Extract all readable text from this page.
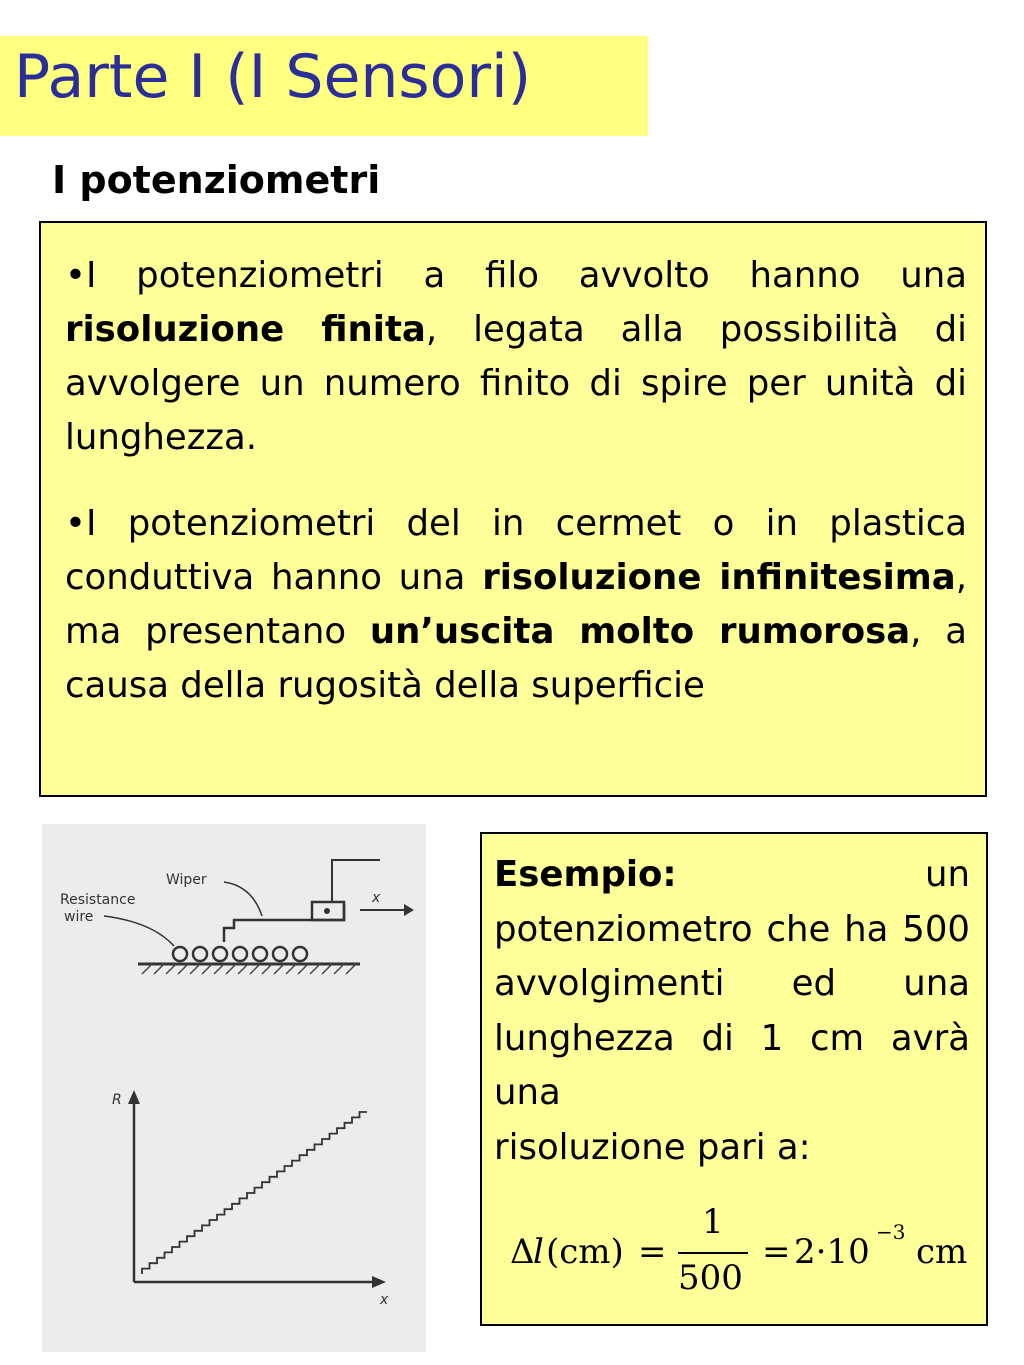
Parte I (I Sensori)
I potenziometri
•I potenziometri a filo avvolto hanno una risoluzione finita, legata alla possibilità di avvolgere un numero finito di spire per unità di lunghezza.
•I potenziometri del in cermet o in plastica conduttiva hanno una risoluzione infinitesima, ma presentano un’uscita molto rumorosa, a causa della rugosità della superficie
x
Wiper
Resistance
wire
R
x
Esempio: un potenziometro che ha 500 avvolgimenti ed una lunghezza di 1 cm avrà una
risoluzione pari a:
Δ
l (cm) =
1
500
= 2·10 −3 cm
